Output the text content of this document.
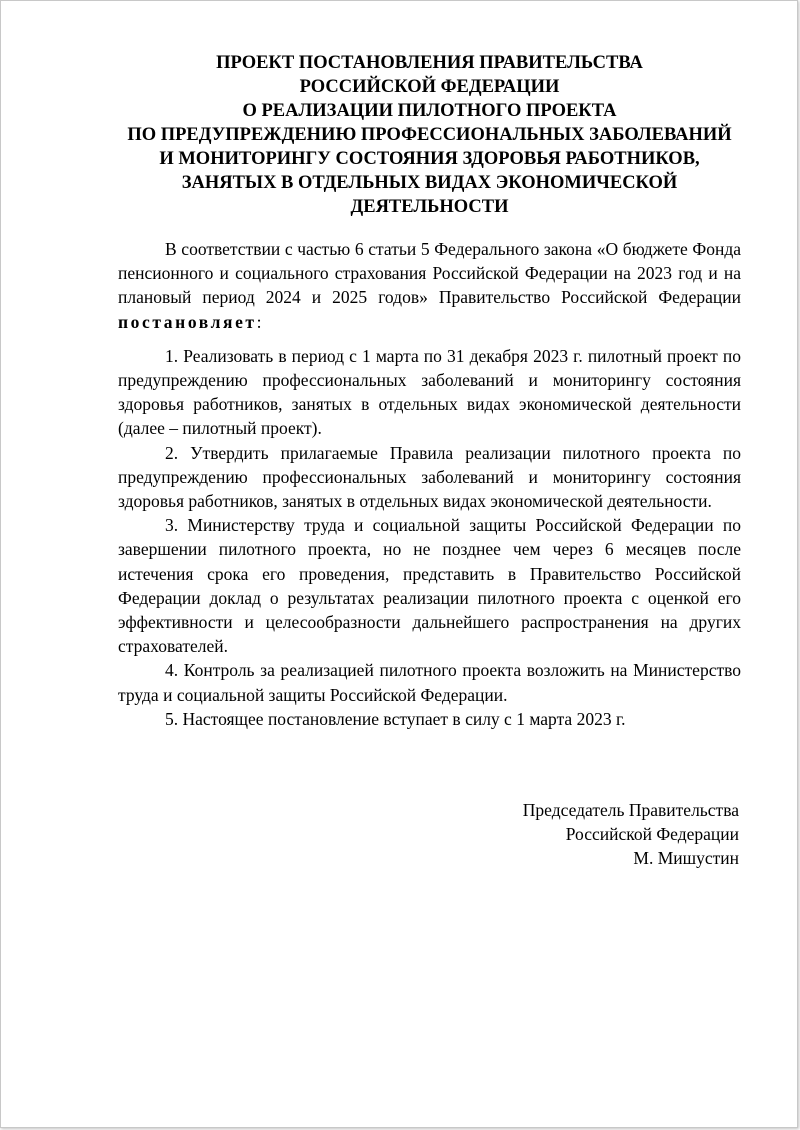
ПРОЕКТ ПОСТАНОВЛЕНИЯ ПРАВИТЕЛЬСТВА
РОССИЙСКОЙ ФЕДЕРАЦИИ
О РЕАЛИЗАЦИИ ПИЛОТНОГО ПРОЕКТА
ПО ПРЕДУПРЕЖДЕНИЮ ПРОФЕССИОНАЛЬНЫХ ЗАБОЛЕВАНИЙ
И МОНИТОРИНГУ СОСТОЯНИЯ ЗДОРОВЬЯ РАБОТНИКОВ,
ЗАНЯТЫХ В ОТДЕЛЬНЫХ ВИДАХ ЭКОНОМИЧЕСКОЙ
ДЕЯТЕЛЬНОСТИ

В соответствии с частью 6 статьи 5 Федерального закона «О бюджете Фонда пенсионного и социального страхования Российской Федерации на 2023 год и на плановый период 2024 и 2025 годов» Правительство Российской Федерации постановляет:

1. Реализовать в период с 1 марта по 31 декабря 2023 г. пилотный проект по предупреждению профессиональных заболеваний и мониторингу состояния здоровья работников, занятых в отдельных видах экономической деятельности (далее – пилотный проект).

2. Утвердить прилагаемые Правила реализации пилотного проекта по предупреждению профессиональных заболеваний и мониторингу состояния здоровья работников, занятых в отдельных видах экономической деятельности.

3. Министерству труда и социальной защиты Российской Федерации по завершении пилотного проекта, но не позднее чем через 6 месяцев после истечения срока его проведения, представить в Правительство Российской Федерации доклад о результатах реализации пилотного проекта с оценкой его эффективности и целесообразности дальнейшего распространения на других страхователей.

4. Контроль за реализацией пилотного проекта возложить на Министерство труда и социальной защиты Российской Федерации.

5. Настоящее постановление вступает в силу с 1 марта 2023 г.

Председатель Правительства
Российской Федерации
М. Мишустин
